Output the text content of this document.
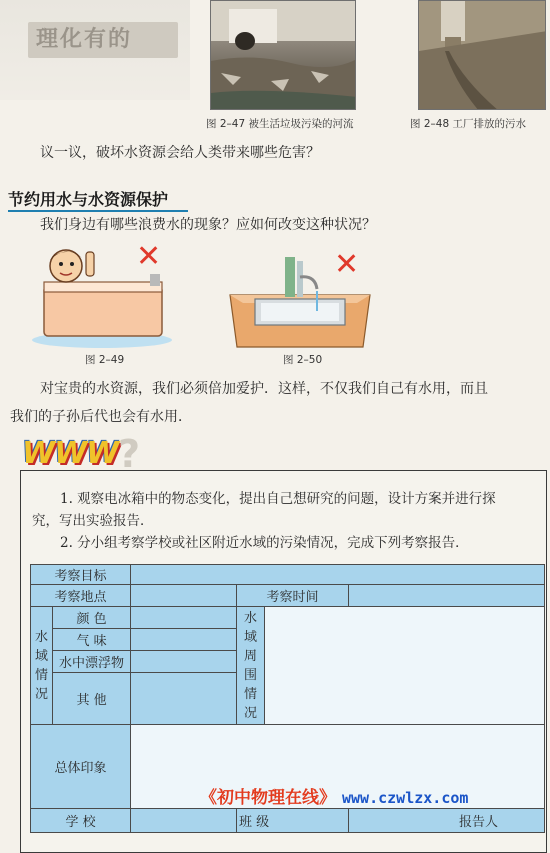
理化有的
图 2–47 被生活垃圾污染的河流	图 2–48 工厂排放的污水
议一议，破坏水资源会给人类带来哪些危害？
节约用水与水资源保护
我们身边有哪些浪费水的现象？应如何改变这种状况？
✕
图 2–49
✕
图 2–50
对宝贵的水资源，我们必须倍加爱护．这样，不仅我们自己有水用，而且
我们的子孙后代也会有水用．
WWW ?
1. 观察电冰箱中的物态变化，提出自己想研究的问题，设计方案并进行探
究，写出实验报告．
2. 分小组考察学校或社区附近水域的污染情况，完成下列考察报告．
考察目标					
考察地点			考察时间		

水域情况	颜 色		水域周围情况		

	气 味				
	水中漂浮物				
	其 他				
总体印象					
学 校			班 级		报告人
《初中物理在线》 www.czwlzx.com
